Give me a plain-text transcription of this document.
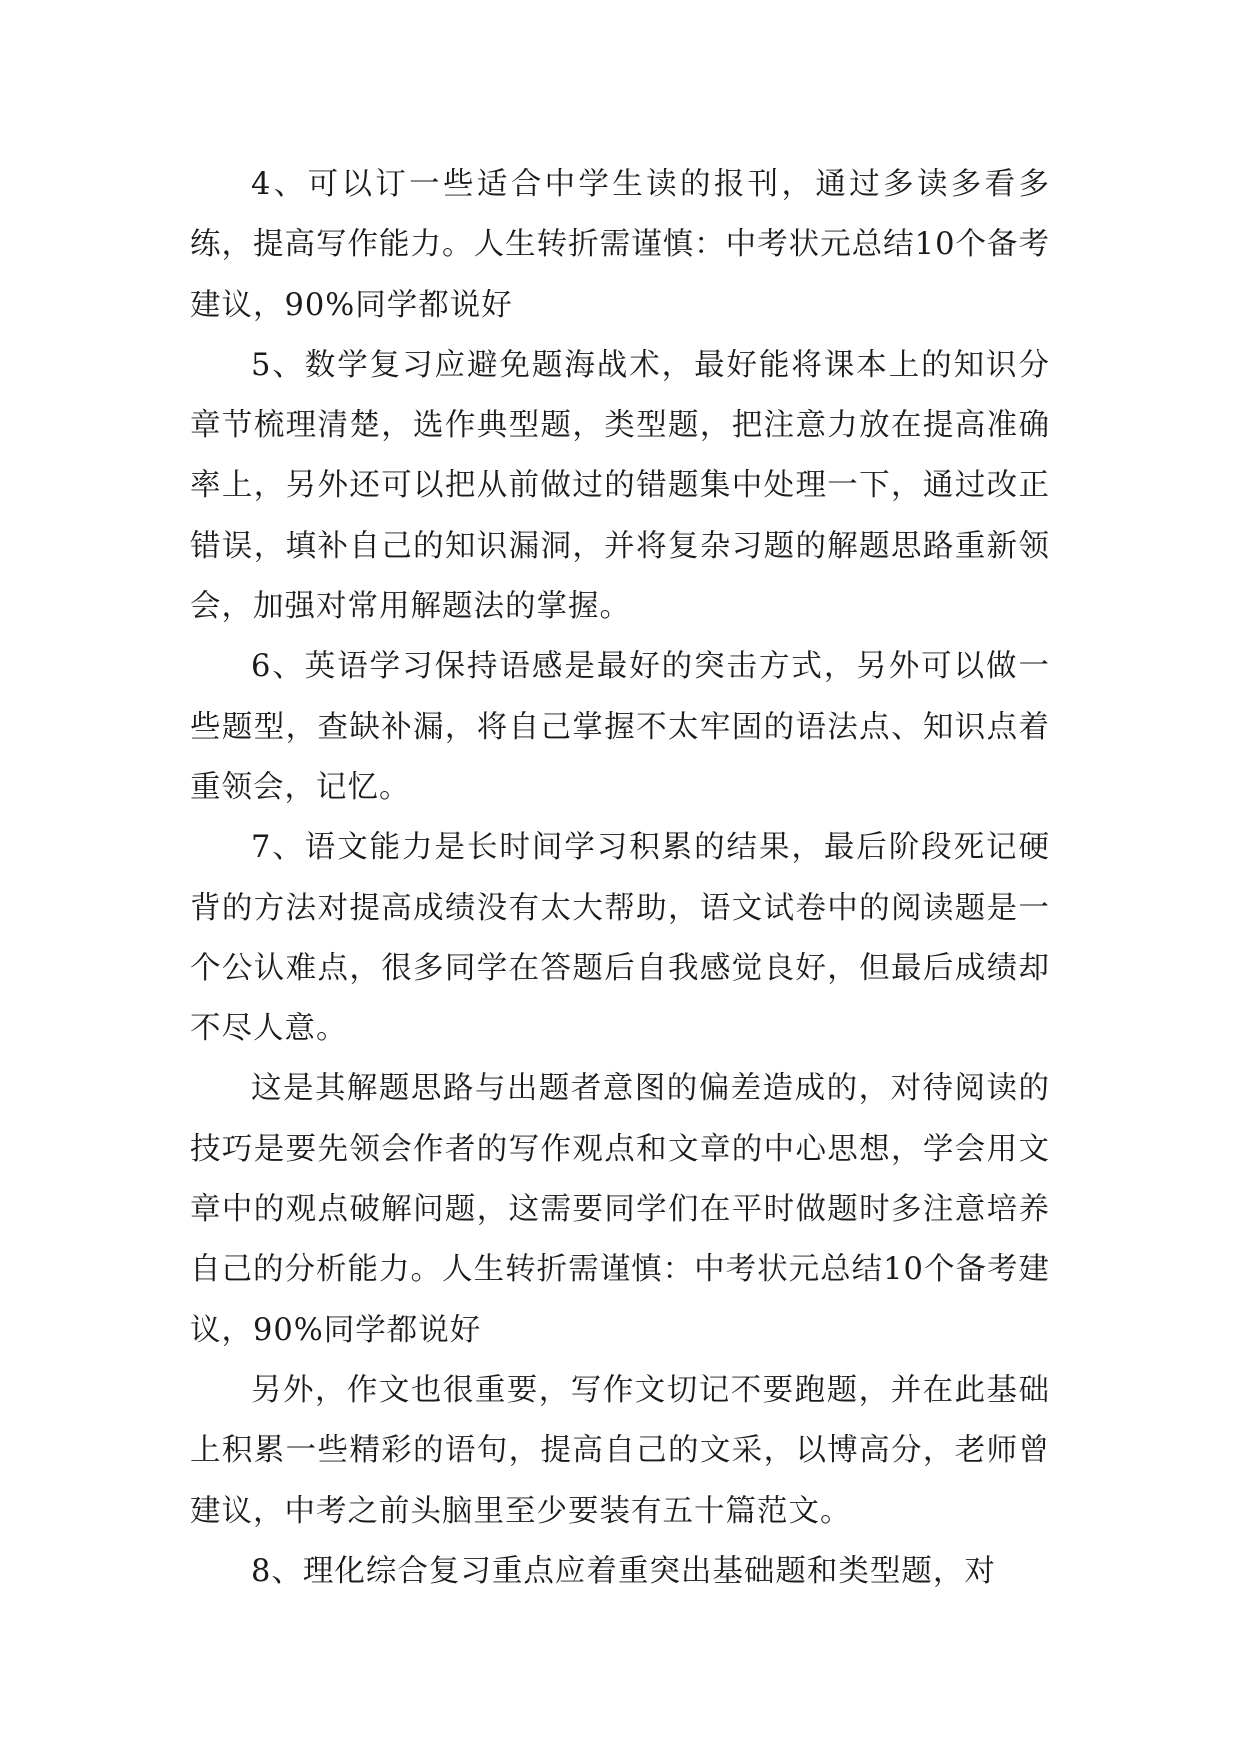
4、可以订一些适合中学生读的报刊，通过多读多看多练，提高写作能力。人生转折需谨慎：中考状元总结10个备考建议，90%同学都说好

5、数学复习应避免题海战术，最好能将课本上的知识分章节梳理清楚，选作典型题，类型题，把注意力放在提高准确率上，另外还可以把从前做过的错题集中处理一下，通过改正错误，填补自己的知识漏洞，并将复杂习题的解题思路重新领会，加强对常用解题法的掌握。

6、英语学习保持语感是最好的突击方式，另外可以做一些题型，查缺补漏，将自己掌握不太牢固的语法点、知识点着重领会，记忆。

7、语文能力是长时间学习积累的结果，最后阶段死记硬背的方法对提高成绩没有太大帮助，语文试卷中的阅读题是一个公认难点，很多同学在答题后自我感觉良好，但最后成绩却不尽人意。

这是其解题思路与出题者意图的偏差造成的，对待阅读的技巧是要先领会作者的写作观点和文章的中心思想，学会用文章中的观点破解问题，这需要同学们在平时做题时多注意培养自己的分析能力。人生转折需谨慎：中考状元总结10个备考建议，90%同学都说好

另外，作文也很重要，写作文切记不要跑题，并在此基础上积累一些精彩的语句，提高自己的文采，以博高分，老师曾建议，中考之前头脑里至少要装有五十篇范文。

8、理化综合复习重点应着重突出基础题和类型题，对
